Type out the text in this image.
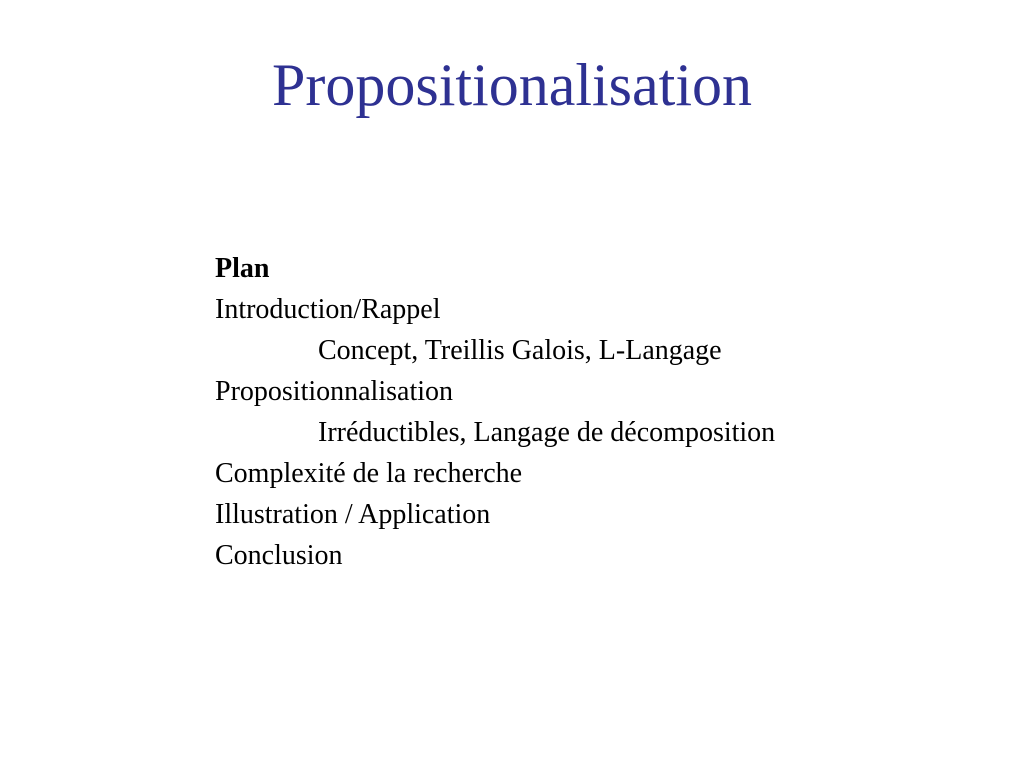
Propositionalisation
Plan
Introduction/Rappel
Concept, Treillis Galois, L-Langage
Propositionnalisation
Irréductibles, Langage de décomposition
Complexité de la recherche
Illustration / Application
Conclusion
